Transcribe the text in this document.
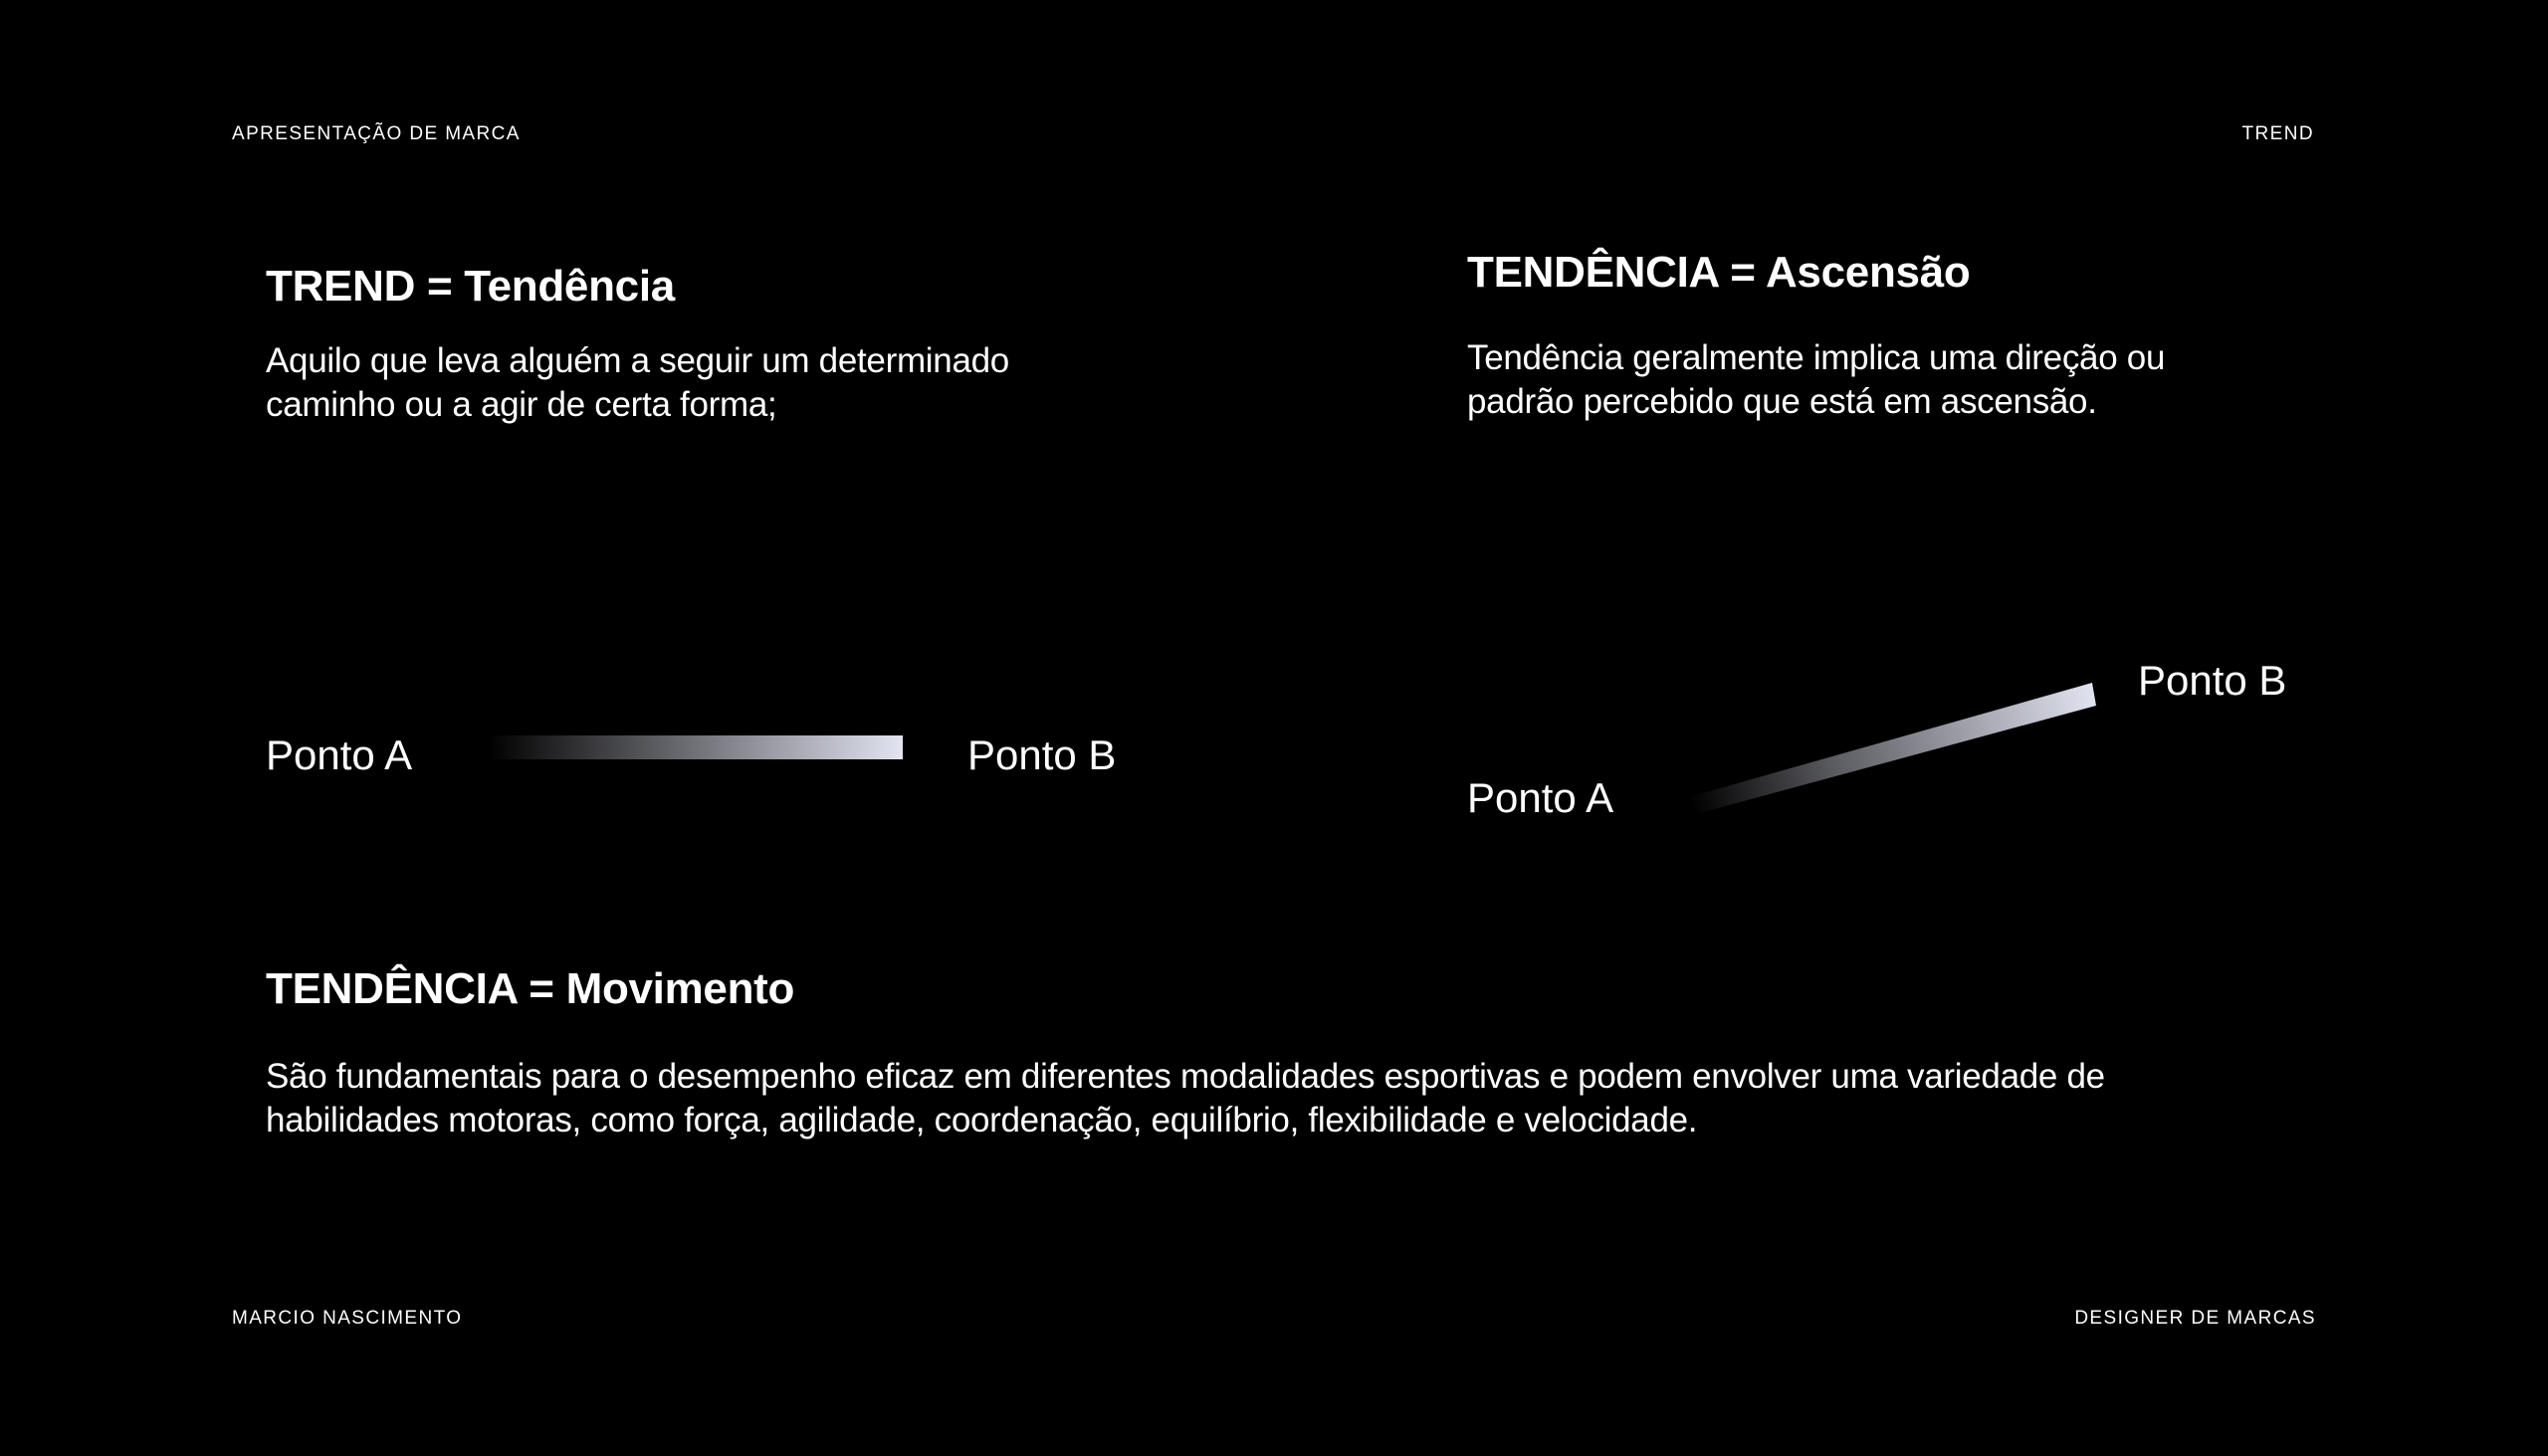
APRESENTAÇÃO DE MARCA	TREND
TREND = Tendência
Aquilo que leva alguém a seguir um determinado caminho ou a agir de certa forma;
TENDÊNCIA = Ascensão
Tendência geralmente implica uma direção ou padrão percebido que está em ascensão.
Ponto A	Ponto B
Ponto A
Ponto B
TENDÊNCIA = Movimento
São fundamentais para o desempenho eficaz em diferentes modalidades esportivas e podem envolver uma variedade de habilidades motoras, como força, agilidade, coordenação, equilíbrio, flexibilidade e velocidade.
MARCIO NASCIMENTO	DESIGNER DE MARCAS
